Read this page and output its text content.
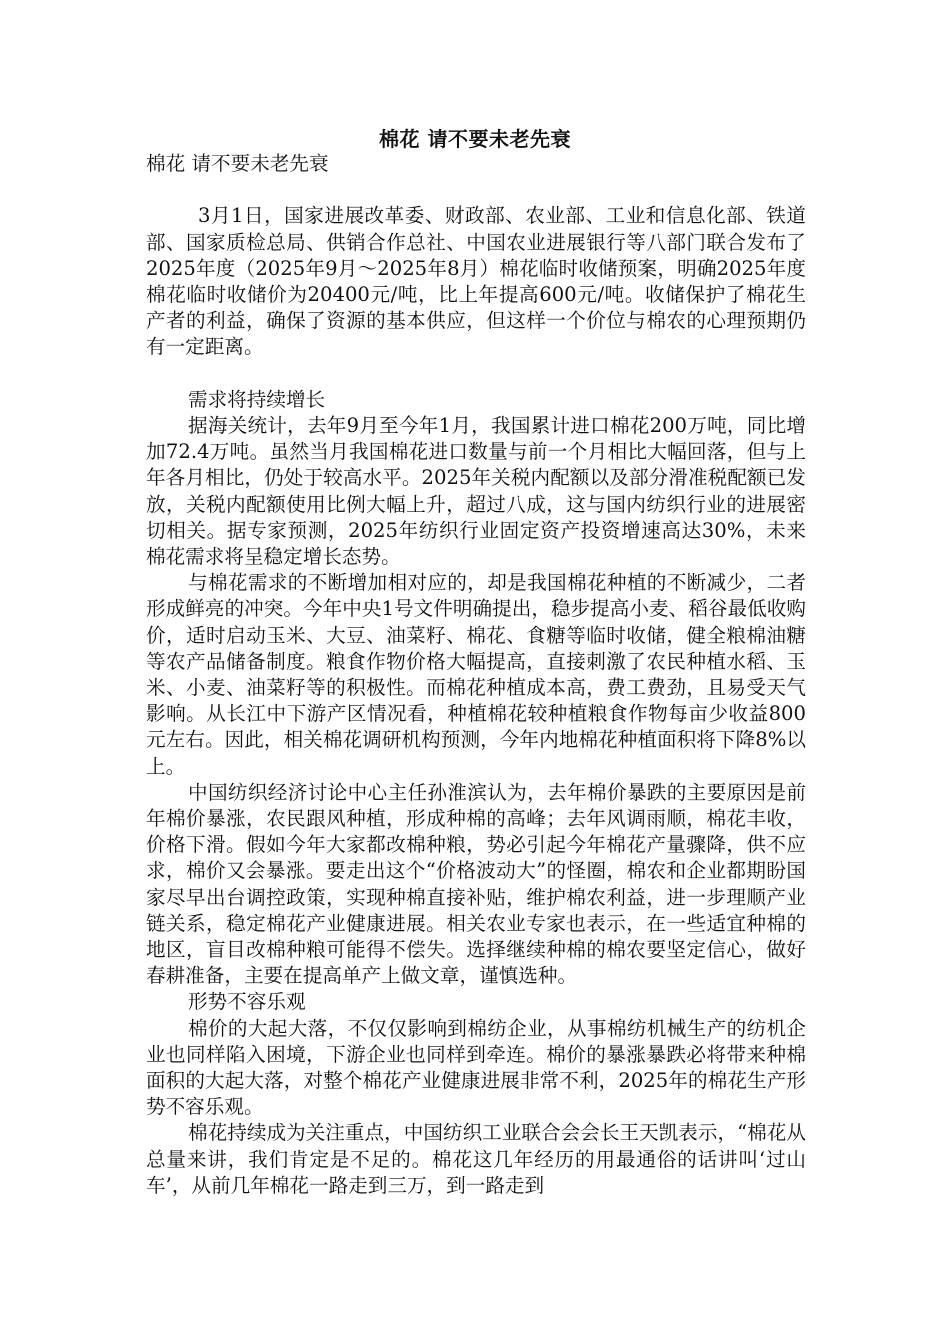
棉花 请不要未老先衰

棉花 请不要未老先衰

3月1日，国家进展改革委、财政部、农业部、工业和信息化部、铁道部、国家质检总局、供销合作总社、中国农业进展银行等八部门联合发布了2025年度（2025年9月～2025年8月）棉花临时收储预案，明确2025年度棉花临时收储价为20400元/吨，比上年提高600元/吨。收储保护了棉花生产者的利益，确保了资源的基本供应，但这样一个价位与棉农的心理预期仍有一定距离。

需求将持续增长

据海关统计，去年9月至今年1月，我国累计进口棉花200万吨，同比增加72.4万吨。虽然当月我国棉花进口数量与前一个月相比大幅回落，但与上年各月相比，仍处于较高水平。2025年关税内配额以及部分滑准税配额已发放，关税内配额使用比例大幅上升，超过八成，这与国内纺织行业的进展密切相关。据专家预测，2025年纺织行业固定资产投资增速高达30%，未来棉花需求将呈稳定增长态势。

与棉花需求的不断增加相对应的，却是我国棉花种植的不断减少，二者形成鲜亮的冲突。今年中央1号文件明确提出，稳步提高小麦、稻谷最低收购价，适时启动玉米、大豆、油菜籽、棉花、食糖等临时收储，健全粮棉油糖等农产品储备制度。粮食作物价格大幅提高，直接刺激了农民种植水稻、玉米、小麦、油菜籽等的积极性。而棉花种植成本高，费工费劲，且易受天气影响。从长江中下游产区情况看，种植棉花较种植粮食作物每亩少收益800元左右。因此，相关棉花调研机构预测，今年内地棉花种植面积将下降8%以上。

中国纺织经济讨论中心主任孙淮滨认为，去年棉价暴跌的主要原因是前年棉价暴涨，农民跟风种植，形成种棉的高峰；去年风调雨顺，棉花丰收，价格下滑。假如今年大家都改棉种粮，势必引起今年棉花产量骤降，供不应求，棉价又会暴涨。要走出这个“价格波动大”的怪圈，棉农和企业都期盼国家尽早出台调控政策，实现种棉直接补贴，维护棉农利益，进一步理顺产业链关系，稳定棉花产业健康进展。相关农业专家也表示，在一些适宜种棉的地区，盲目改棉种粮可能得不偿失。选择继续种棉的棉农要坚定信心，做好春耕准备，主要在提高单产上做文章，谨慎选种。

形势不容乐观

棉价的大起大落，不仅仅影响到棉纺企业，从事棉纺机械生产的纺机企业也同样陷入困境，下游企业也同样到牵连。棉价的暴涨暴跌必将带来种棉面积的大起大落，对整个棉花产业健康进展非常不利，2025年的棉花生产形势不容乐观。

棉花持续成为关注重点，中国纺织工业联合会会长王天凯表示，“棉花从总量来讲，我们肯定是不足的。棉花这几年经历的用最通俗的话讲叫‘过山车’，从前几年棉花一路走到三万，到一路走到
